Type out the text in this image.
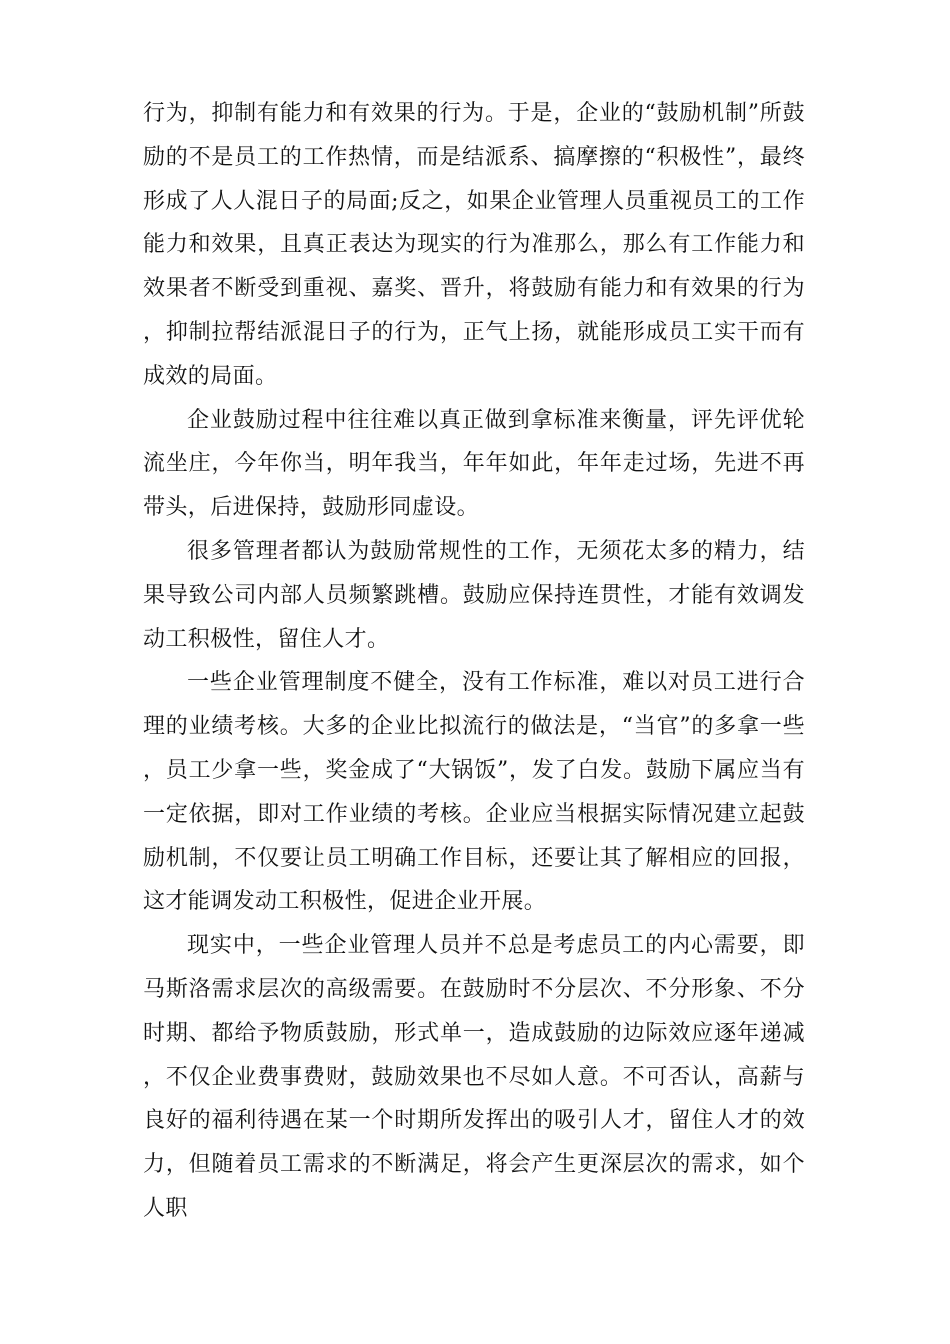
行为，抑制有能力和有效果的行为。于是，企业的“鼓励机制”所鼓励的不是员工的工作热情，而是结派系、搞摩擦的“积极性”，最终形成了人人混日子的局面;反之，如果企业管理人员重视员工的工作能力和效果，且真正表达为现实的行为准那么，那么有工作能力和效果者不断受到重视、嘉奖、晋升，将鼓励有能力和有效果的行为，抑制拉帮结派混日子的行为，正气上扬，就能形成员工实干而有成效的局面。

企业鼓励过程中往往难以真正做到拿标准来衡量，评先评优轮流坐庄，今年你当，明年我当，年年如此，年年走过场，先进不再带头，后进保持，鼓励形同虚设。

很多管理者都认为鼓励常规性的工作，无须花太多的精力，结果导致公司内部人员频繁跳槽。鼓励应保持连贯性，才能有效调发动工积极性，留住人才。

一些企业管理制度不健全，没有工作标准，难以对员工进行合理的业绩考核。大多的企业比拟流行的做法是，“当官”的多拿一些，员工少拿一些，奖金成了“大锅饭”，发了白发。鼓励下属应当有一定依据，即对工作业绩的考核。企业应当根据实际情况建立起鼓励机制，不仅要让员工明确工作目标，还要让其了解相应的回报，这才能调发动工积极性，促进企业开展。

现实中，一些企业管理人员并不总是考虑员工的内心需要，即马斯洛需求层次的高级需要。在鼓励时不分层次、不分形象、不分时期、都给予物质鼓励，形式单一，造成鼓励的边际效应逐年递减，不仅企业费事费财，鼓励效果也不尽如人意。不可否认，高薪与良好的福利待遇在某一个时期所发挥出的吸引人才，留住人才的效力，但随着员工需求的不断满足，将会产生更深层次的需求，如个人职
